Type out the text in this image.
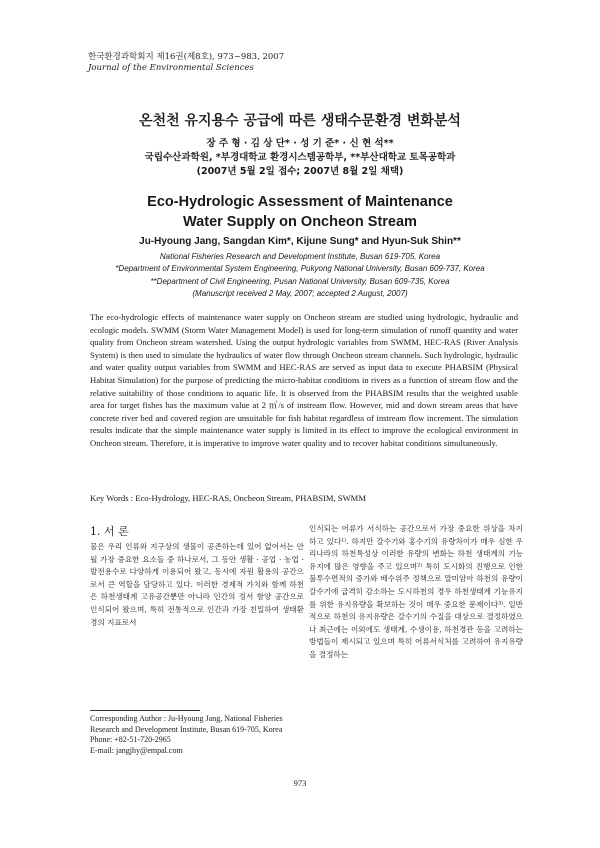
한국환경과학회지 제16권(제8호), 973~983, 2007
Journal of the Environmental Sciences
온천천 유지용수 공급에 따른 생태수문환경 변화분석
장 주 형 · 김 상 단* · 성 기 준* · 신 현 석**
국립수산과학원, *부경대학교 환경시스템공학부, **부산대학교 토목공학과
(2007년 5월 2일 접수; 2007년 8월 2일 채택)
Eco-Hydrologic Assessment of Maintenance
Water Supply on Oncheon Stream
Ju-Hyoung Jang, Sangdan Kim*, Kijune Sung* and Hyun-Suk Shin**
National Fisheries Research and Development Institute, Busan 619-705, Korea
*Department of Environmental System Engineering, Pukyong National University, Busan 609-737, Korea
**Department of Civil Engineering, Pusan National University, Busan 609-735, Korea
(Manuscript received 2 May, 2007; accepted 2 August, 2007)
The eco-hydrologic effects of maintenance water supply on Oncheon stream are studied using hydrologic, hydraulic and ecologic models. SWMM (Storm Water Management Model) is used for long-term simulation of runoff quantity and water quality from Oncheon stream watershed. Using the output hydrologic variables from SWMM, HEC-RAS (River Analysis System) is then used to simulate the hydraulics of water flow through Oncheon stream channels. Such hydrologic, hydraulic and water quality output variables from SWMM and HEC-RAS are served as input data to execute PHABSIM (Physical Habitat Simulation) for the purpose of predicting the micro-habitat conditions in rivers as a function of stream flow and the relative suitability of those conditions to aquatic life. It is observed from the PHABSIM results that the weighted usable area for target fishes has the maximum value at 2 ㎥/s of instream flow. However, mid and down stream areas that have concrete river bed and covered region are unsuitable for fish habitat regardless of instream flow increment. The simulation results indicate that the simple maintenance water supply is limited in its effect to improve the ecological environment in Oncheon stream. Therefore, it is imperative to improve water quality and to recover habitat conditions simultaneously.
Key Words : Eco-Hydrology, HEC-RAS, Oncheon Stream, PHABSIM, SWMM
1. 서 론
물은 우리 인류와 지구상의 생물이 공존하는데 있어 없어서는 안 될 가장 중요한 요소들 중 하나로서, 그 동안 생활 · 공업 · 농업 · 발전용수로 다양하게 이용되어 왔고, 동시에 자원 활용의 공간으로서 큰 역할을 담당하고 있다. 이러한 경제적 가치와 함께 하천은 하천생태계 고유공간뿐만 아니라 인간의 정서 함양 공간으로 인식되어 왔으며, 특히 전통적으로 인간과 가장 친밀하여 생태환경의 지표로서
인식되는 어류가 서식하는 공간으로서 가장 중요한 위상을 차지하고 있다¹⁾. 하지만 갈수기와 홍수기의 유량차이가 매우 심한 우리나라의 하천특성상 이러한 유량의 변화는 하천 생태계의 기능유지에 많은 영향을 주고 있으며²⁾ 특히 도시화의 진행으로 인한 불투수면적의 증가와 배수위주 정책으로 말미암아 하천의 유량이 갈수기에 급격히 감소하는 도시하천의 경우 하천생태계 기능유지를 위한 유지유량을 확보하는 것이 매우 중요한 문제이다³⁾. 일반적으로 하천의 유지유량은 갈수기의 수질을 대상으로 결정하였으나 최근에는 이외에도 생태계, 수생이용, 하천경관 등을 고려하는 방법들이 제시되고 있으며 특히 어류서식처를 고려하여 유지유량을 결정하는
Corresponding Author : Ju-Hyoung Jang, National Fisheries
Research and Development Institute, Busan 619-705, Korea
Phone: +82-51-720-2965
E-mail: jangjhy@empal.com
973
